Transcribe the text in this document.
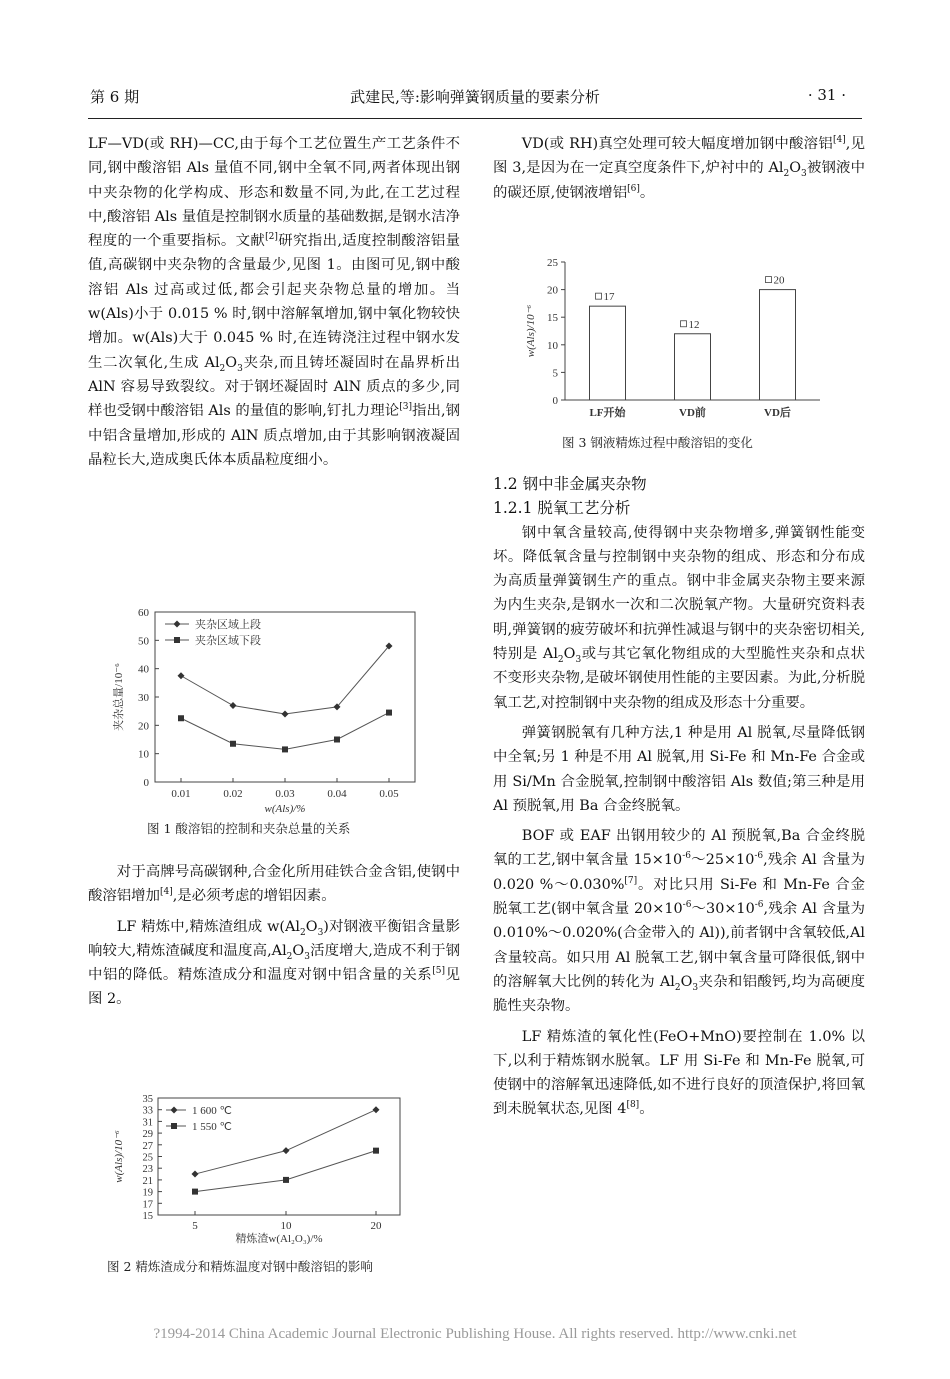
第 6 期	武建民,等:影响弹簧钢质量的要素分析	· 31 ·

LF—VD(或 RH)—CC,由于每个工艺位置生产工艺条件不同,钢中酸溶铝 Als 量值不同,钢中全氧不同,两者体现出钢中夹杂物的化学构成、形态和数量不同,为此,在工艺过程中,酸溶铝 Als 量值是控制钢水质量的基础数据,是钢水洁净程度的一个重要指标。文献[2]研究指出,适度控制酸溶铝量值,高碳钢中夹杂物的含量最少,见图 1。由图可见,钢中酸溶铝 Als 过高或过低,都会引起夹杂物总量的增加。当 w(Als)小于 0.015 % 时,钢中溶解氧增加,钢中氧化物较快增加。w(Als)大于 0.045 % 时,在连铸浇注过程中钢水发生二次氧化,生成 $Al_2O_3$夹杂,而且铸坯凝固时在晶界析出 AlN 容易导致裂纹。对于钢坯凝固时 AlN 质点的多少,同样也受钢中酸溶铝 Als 的量值的影响,钉扎力理论[3]指出,钢中铝含量增加,形成的 AlN 质点增加,由于其影响钢液凝固晶粒长大,造成奥氏体本质晶粒度细小。

0
10
20
30
40
50
60
0.01	0.02	0.03	0.04	0.05
w(Als)/%
夹杂总量/10⁻⁶
夹杂区域上段
夹杂区域下段
图 1 酸溶铝的控制和夹杂总量的关系

对于高牌号高碳钢种,合金化所用硅铁合金含铝,使钢中酸溶铝增加[4],是必须考虑的增铝因素。

LF 精炼中,精炼渣组成 $w(Al_2O_3)$对钢液平衡铝含量影响较大,精炼渣碱度和温度高$,Al_2O_3$活度增大,造成不利于钢中铝的降低。精炼渣成分和温度对钢中铝含量的关系[5]见图 2。

15
17
19
21
23
25
27
29
31
33
35
5	10	20
精炼渣w(Al₂O₃)/%
w(Als)/10⁻⁶
1 600 ℃
1 550 ℃
图 2 精炼渣成分和精炼温度对钢中酸溶铝的影响

VD(或 RH)真空处理可较大幅度增加钢中酸溶铝[4],见图 3,是因为在一定真空度条件下,炉衬中的 $Al_2O_3$被钢液中的碳还原,使钢液增铝[6]。

0
5
10
15
20
25
w(Als)/10⁻⁶
17
LF开始
12
VD前
20
VD后
图 3 钢液精炼过程中酸溶铝的变化

1.2 钢中非金属夹杂物

1.2.1 脱氧工艺分析

钢中氧含量较高,使得钢中夹杂物增多,弹簧钢性能变坏。降低氧含量与控制钢中夹杂物的组成、形态和分布成为高质量弹簧钢生产的重点。钢中非金属夹杂物主要来源为内生夹杂,是钢水一次和二次脱氧产物。大量研究资料表明,弹簧钢的疲劳破坏和抗弹性减退与钢中的夹杂密切相关,特别是 $Al_2O_3$或与其它氧化物组成的大型脆性夹杂和点状不变形夹杂物,是破坏钢使用性能的主要因素。为此,分析脱氧工艺,对控制钢中夹杂物的组成及形态十分重要。

弹簧钢脱氧有几种方法,1 种是用 Al 脱氧,尽量降低钢中全氧;另 1 种是不用 Al 脱氧,用 Si-Fe 和 Mn-Fe 合金或用 Si/Mn 合金脱氧,控制钢中酸溶铝 Als 数值;第三种是用 Al 预脱氧,用 Ba 合金终脱氧。

BOF 或 EAF 出钢用较少的 Al 预脱氧,Ba 合金终脱氧的工艺,钢中氧含量 $15\times 10^{-6}\sim 25\times 10^{-6}$,残余 Al 含量为 0.020 %～0.030%[7]。对比只用 Si-Fe 和 Mn-Fe 合金脱氧工艺(钢中氧含量 $20\times 10^{-6}\sim 30\times 10^{-6}$,残余 Al 含量为 0.010%～0.020%(合金带入的 Al)),前者钢中含氧较低,Al 含量较高。如只用 Al 脱氧工艺,钢中氧含量可降很低,钢中的溶解氧大比例的转化为 $Al_2O_3$夹杂和铝酸钙,均为高硬度脆性夹杂物。

LF 精炼渣的氧化性(FeO+MnO)要控制在 1.0% 以下,以利于精炼钢水脱氧。LF 用 Si-Fe 和 Mn-Fe 脱氧,可使钢中的溶解氧迅速降低,如不进行良好的顶渣保护,将回氧到未脱氧状态,见图 4[8]。

?1994-2014 China Academic Journal Electronic Publishing House. All rights reserved. http://www.cnki.net
